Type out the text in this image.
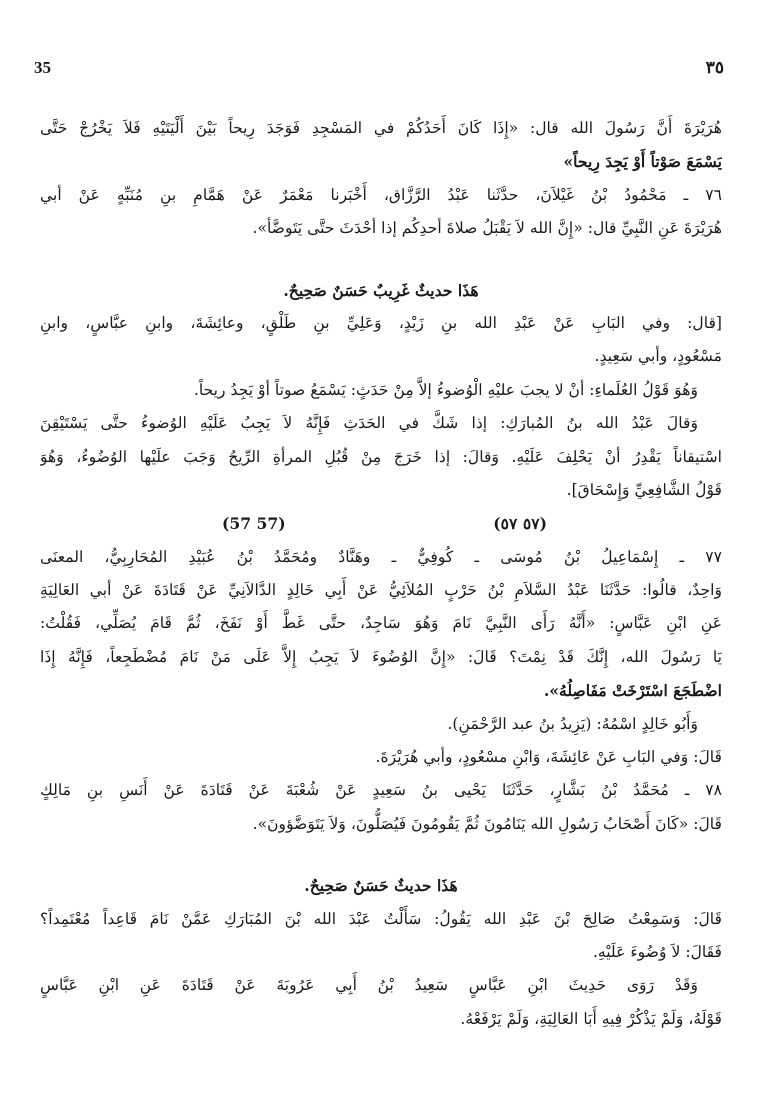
35	٣٥
هُرَيْرَةَ أَنَّ رَسُولَ الله قال: «إِذَا كَانَ أَحَدُكُمْ في المَسْجِدِ فَوَجَدَ رِيحاً بَيْنَ أَلْيَتَيْهِ فَلاَ يَخْرُجْ حَتَّى
يَسْمَعَ صَوْتاً أَوْ يَجِدَ رِيحاً»
٧٦ ـ مَحْمُودُ بْنُ غَيْلاَنَ، حدَّثَنا عَبْدُ الرَّزَّاق، أَخْبَرنا مَعْمَرٌ عَنْ هَمَّامِ بنِ مُنَبِّهٍ عَنْ أبي
هُرَيْرَةَ عَنِ النَّبِيِّ قال: «إِنَّ الله لاَ يَقْبَلُ صلاةَ أحدِكُم إذا أحْدَثَ حتَّى يَتَوضَّأ».
هَذَا حديثٌ غَرِيبٌ حَسَنٌ صَحِيحٌ.
[قال: وفي البَابِ عَنْ عَبْدِ الله بنِ زَيْدٍ، وَعَلِيِّ بنِ طَلْقٍ، وعائِشَةَ، وابنِ عبَّاسٍ، وابنِ
مَسْعُودٍ، وأبي سَعِيدٍ.
وَهُوَ قَوْلُ العُلَماءِ: أنْ لا يجبَ عليْهِ الْوُضوءُ إلاَّ مِنْ حَدَثٍ: يَسْمَعُ صوتاً أوْ يَجِدُ ريحاً.
وَقالَ عَبْدُ الله بنُ المُبارَكِ: إذا شَكَّ في الحَدَثِ فَإِنَّهُ لاَ يَجِبُ عَلَيْهِ الوُضوءُ حتَّى يَسْتَيْقِنَ
اسْتيقاناً يَقْدِرُ أنْ يَحْلِفَ عَلَيْهِ. وَقالَ: إذا خَرَجَ مِنْ قُبُلِ المرأةِ الرِّيحُ وَجَبَ علَيْها الوُضُوءُ، وَهُوَ
قَوْلُ الشَّافِعِيِّ وَإِسْحَاقَ].
(57 57)	(٥٧ ٥٧)
٧٧ ـ إِسْمَاعِيلُ بْنُ مُوسَى ـ كُوفِيٌّ ـ وهَنَّادٌ ومُحَمَّدُ بْنُ عُبَيْدِ المُحَارِبِيُّ، المعنَى
وَاحِدٌ، قالُوا: حَدَّثَنَا عَبْدُ السَّلاَمِ بْنُ حَرْبٍ المُلاَئِيُّ عَنْ أَبِي خَالِدٍ الدَّالاَنِيِّ عَنْ قَتَادَةَ عَنْ أبي العَالِيَةِ
عَنِ ابْنِ عَبَّاسٍ: «أَنَّهُ رَأَى النَّبِيَّ نَامَ وَهُوَ سَاجِدٌ، حتَّى غَطَّ أَوْ نَفَخَ، ثُمَّ قَامَ يُصَلِّي، فَقُلْتُ:
يَا رَسُولَ الله، إِنَّكَ قَدْ نِمْتَ؟ قَالَ: «إِنَّ الوُضُوءَ لاَ يَجِبُ إِلاَّ عَلَى مَنْ نَامَ مُضْطَجِعاً، فَإِنَّهُ إِذَا
اضْطَجَعَ اسْتَرْخَتْ مَفَاصِلُهُ».
وَأَبُو خَالِدٍ اسْمُهُ: (يَزِيدُ بنُ عبد الرَّحْمَنِ).
قَالَ: وَفي البَابِ عَنْ عَائِشَةَ، وَابْنِ مسْعُودٍ، وأبي هُرَيْرَةَ.
٧٨ ـ مُحَمَّدُ بْنُ بَشَّارٍ، حَدَّثَنَا يَحْيى بنُ سَعِيدٍ عَنْ شُعْبَةَ عَنْ قَتَادَةَ عَنْ أَنَسِ بنِ مَالِكٍ
قَالَ: «كَانَ أَصْحَابُ رَسُولِ الله يَنَامُونَ ثُمَّ يَقُومُونَ فَيُصَلُّونَ، وَلاَ يَتَوَضَّؤونَ».
هَذَا حديثٌ حَسَنٌ صَحِيحٌ.
قَالَ: وَسَمِعْتُ صَالِحَ بْنَ عَبْدِ الله يَقُولُ: سَأَلْتُ عَبْدَ الله بْنَ المُبَارَكِ عَمَّنْ نَامَ قَاعِداً مُعْتَمِداً؟
فَقَالَ: لاَ وُضُوءَ عَلَيْهِ.
وَقَدْ رَوَى حَدِيثَ ابْنِ عَبَّاسٍ سَعِيدُ بْنُ أَبِي عَرُوبَةَ عَنْ قَتَادَةَ عَنِ ابْنِ عَبَّاسٍ
قَوْلَهُ، وَلَمْ يَذْكُرْ فِيهِ أَبَا العَالِيَةِ، وَلَمْ يَرْفَعْهُ.
